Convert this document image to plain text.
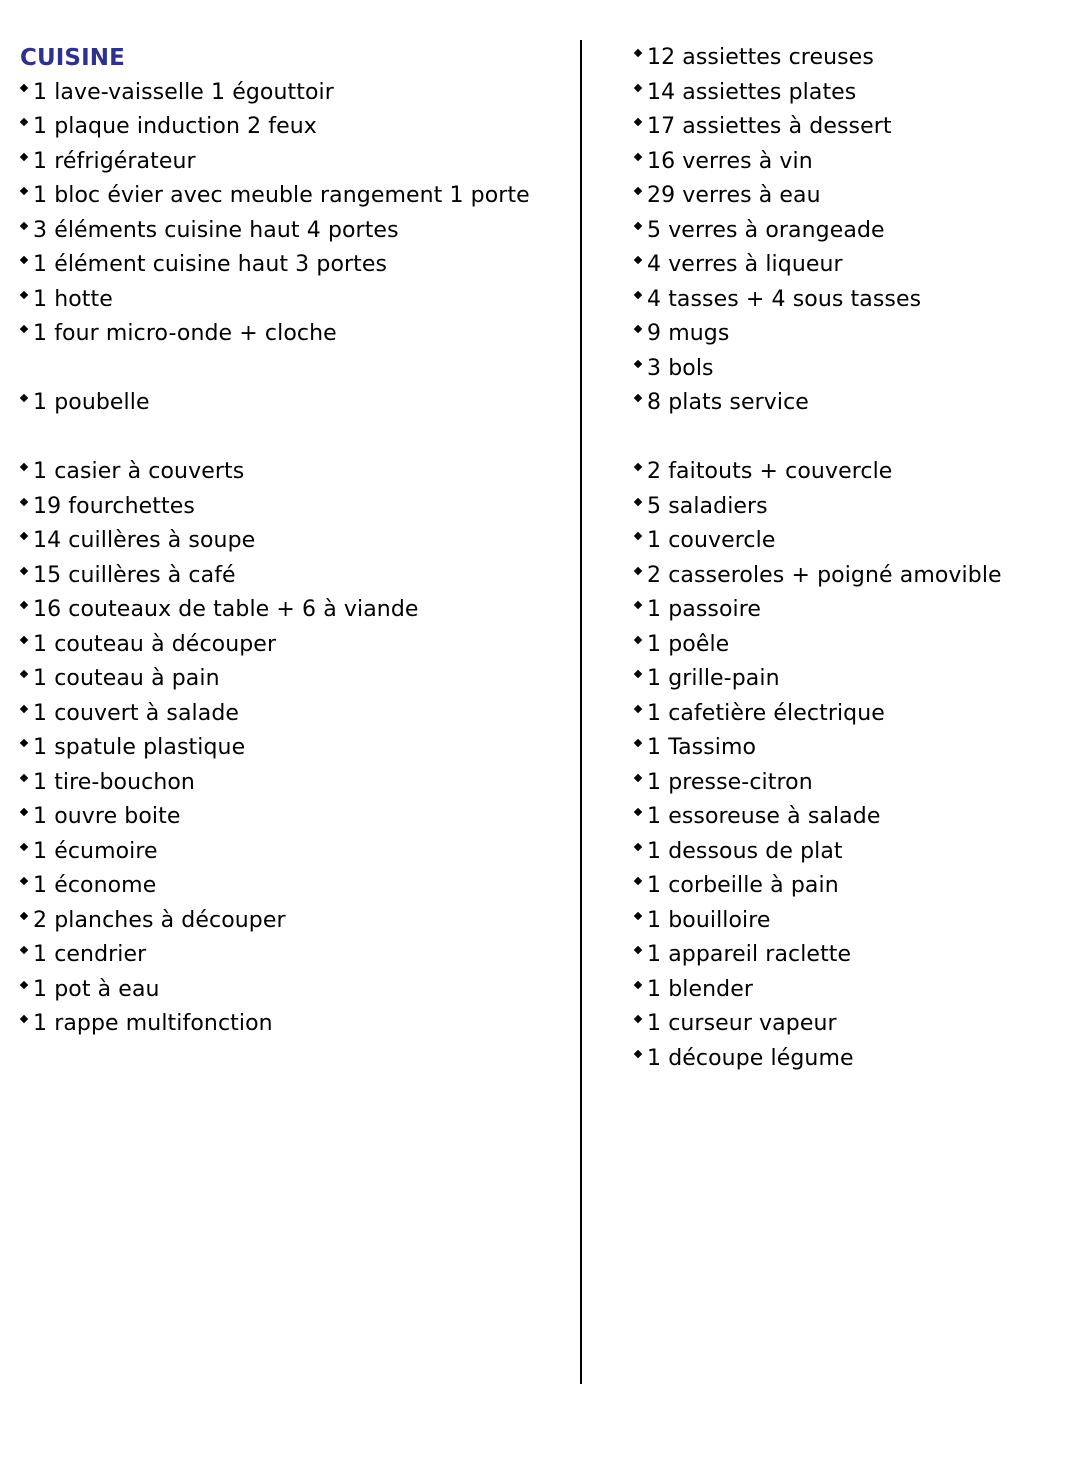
CUISINE
1 lave-vaisselle 1 égouttoir
1 plaque induction 2 feux
1 réfrigérateur
1 bloc évier avec meuble rangement 1 porte
3 éléments cuisine haut 4 portes
1 élément cuisine haut 3 portes
1 hotte
1 four micro-onde + cloche
1 poubelle
1 casier à couverts
19 fourchettes
14 cuillères à soupe
15 cuillères à café
16 couteaux de table + 6 à viande
1 couteau à découper
1 couteau à pain
1 couvert à salade
1 spatule plastique
1 tire-bouchon
1 ouvre boite
1 écumoire
1 économe
2 planches à découper
1 cendrier
1 pot à eau
1 rappe multifonction
12 assiettes creuses
14 assiettes plates
17 assiettes à dessert
16 verres à vin
29 verres à eau
5 verres à orangeade
4 verres à liqueur
4 tasses + 4 sous tasses
9 mugs
3 bols
8 plats service
2 faitouts + couvercle
5 saladiers
1 couvercle
2 casseroles + poigné amovible
1 passoire
1 poêle
1 grille-pain
1 cafetière électrique
1 Tassimo
1 presse-citron
1 essoreuse à salade
1 dessous de plat
1 corbeille à pain
1 bouilloire
1 appareil raclette
1 blender
1 curseur vapeur
1 découpe légume
